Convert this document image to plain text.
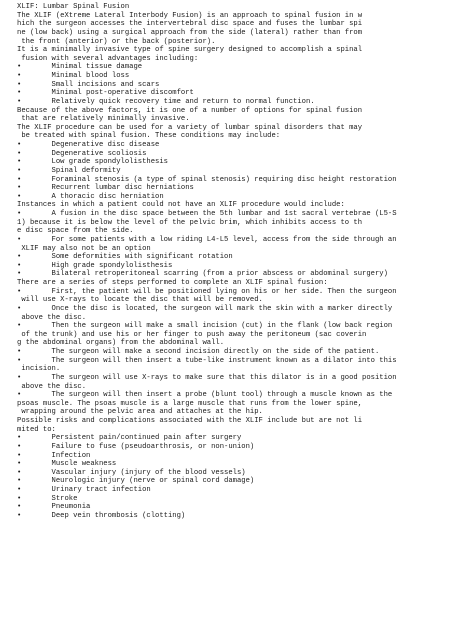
XLIF: Lumbar Spinal Fusion
The XLIF (eXtreme Lateral Interbody Fusion) is an approach to spinal fusion in w
hich the surgeon accesses the intervertebral disc space and fuses the lumbar spi
ne (low back) using a surgical approach from the side (lateral) rather than from
the front (anterior) or the back (posterior).
It is a minimally invasive type of spine surgery designed to accomplish a spinal
fusion with several advantages including:
•       Minimal tissue damage
•       Minimal blood loss
•       Small incisions and scars
•       Minimal post-operative discomfort
•       Relatively quick recovery time and return to normal function.
Because of the above factors, it is one of a number of options for spinal fusion
that are relatively minimally invasive.
The XLIF procedure can be used for a variety of lumbar spinal disorders that may
be treated with spinal fusion. These conditions may include:
•       Degenerative disc disease
•       Degenerative scoliosis
•       Low grade spondylolisthesis
•       Spinal deformity
•       Foraminal stenosis (a type of spinal stenosis) requiring disc height restoration
•       Recurrent lumbar disc herniations
•       A thoracic disc herniation
Instances in which a patient could not have an XLIF procedure would include:
•       A fusion in the disc space between the 5th lumbar and 1st sacral vertebrae (L5-S
1) because it is below the level of the pelvic brim, which inhibits access to th
e disc space from the side.
•       For some patients with a low riding L4-L5 level, access from the side through an
XLIF may also not be an option
•       Some deformities with significant rotation
•       High grade spondylolisthesis
•       Bilateral retroperitoneal scarring (from a prior abscess or abdominal surgery)
There are a series of steps performed to complete an XLIF spinal fusion:
•       First, the patient will be positioned lying on his or her side. Then the surgeon
will use X-rays to locate the disc that will be removed.
•       Once the disc is located, the surgeon will mark the skin with a marker directly
above the disc.
•       Then the surgeon will make a small incision (cut) in the flank (low back region
of the trunk) and use his or her finger to push away the peritoneum (sac coverin
g the abdominal organs) from the abdominal wall.
•       The surgeon will make a second incision directly on the side of the patient.
•       The surgeon will then insert a tube-like instrument known as a dilator into this
incision.
•       The surgeon will use X-rays to make sure that this dilator is in a good position
above the disc.
•       The surgeon will then insert a probe (blunt tool) through a muscle known as the
psoas muscle. The psoas muscle is a large muscle that runs from the lower spine,
wrapping around the pelvic area and attaches at the hip.
Possible risks and complications associated with the XLIF include but are not li
mited to:
•       Persistent pain/continued pain after surgery
•       Failure to fuse (pseudoarthrosis, or non-union)
•       Infection
•       Muscle weakness
•       Vascular injury (injury of the blood vessels)
•       Neurologic injury (nerve or spinal cord damage)
•       Urinary tract infection
•       Stroke
•       Pneumonia
•       Deep vein thrombosis (clotting)
